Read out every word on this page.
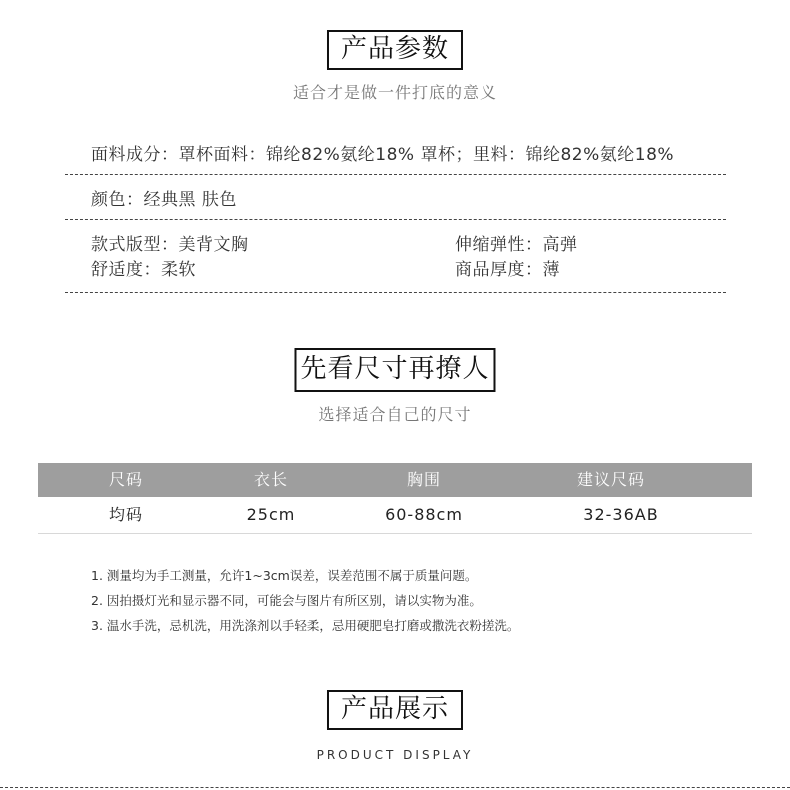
产品参数
适合才是做一件打底的意义
面料成分：罩杯面料：锦纶82%氨纶18% 罩杯；里料：锦纶82%氨纶18%
颜色：经典黑 肤色
款式版型：美背文胸	伸缩弹性：高弹
舒适度：柔软	商品厚度：薄
先看尺寸再撩人
选择适合自己的尺寸
尺码	衣长	胸围	建议尺码
均码	25cm	60-88cm	32-36AB
1. 测量均为手工测量，允许1~3cm误差，误差范围不属于质量问题。
2. 因拍摄灯光和显示器不同，可能会与图片有所区别，请以实物为准。
3. 温水手洗，忌机洗，用洗涤剂以手轻柔，忌用硬肥皂打磨或撒洗衣粉搓洗。
产品展示
PRODUCT DISPLAY
